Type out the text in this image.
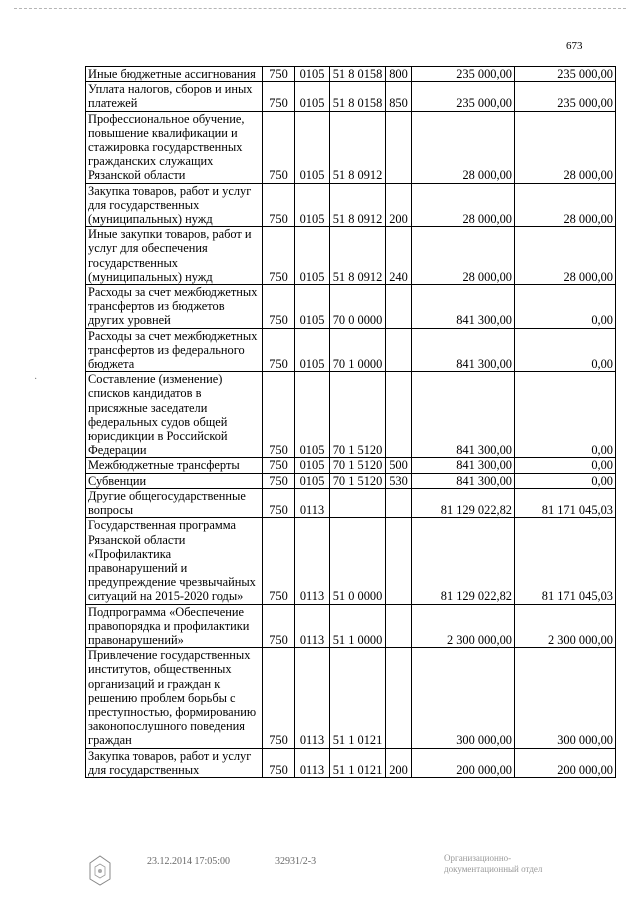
673
·
Иные бюджетные ассигнования	750	0105	51 8 0158	800	235 000,00	235 000,00
Уплата налогов, сборов и иных платежей	750	0105	51 8 0158	850	235 000,00	235 000,00
Профессиональное обучение, повышение квалификации и стажировка государственных гражданских служащих Рязанской области	750	0105	51 8 0912		28 000,00	28 000,00
Закупка товаров, работ и услуг для государственных (муниципальных) нужд	750	0105	51 8 0912	200	28 000,00	28 000,00
Иные закупки товаров, работ и услуг для обеспечения государственных (муниципальных) нужд	750	0105	51 8 0912	240	28 000,00	28 000,00
Расходы за счет межбюджетных трансфертов из бюджетов других уровней	750	0105	70 0 0000		841 300,00	0,00
Расходы за счет межбюджетных трансфертов из федерального бюджета	750	0105	70 1 0000		841 300,00	0,00
Составление (изменение) списков кандидатов в присяжные заседатели федеральных судов общей юрисдикции в Российской Федерации	750	0105	70 1 5120		841 300,00	0,00
Межбюджетные трансферты	750	0105	70 1 5120	500	841 300,00	0,00
Субвенции	750	0105	70 1 5120	530	841 300,00	0,00
Другие общегосударственные вопросы	750	0113			81 129 022,82	81 171 045,03
Государственная программа Рязанской области «Профилактика правонарушений и предупреждение чрезвычайных ситуаций на 2015-2020 годы»	750	0113	51 0 0000		81 129 022,82	81 171 045,03
Подпрограмма «Обеспечение правопорядка и профилактики правонарушений»	750	0113	51 1 0000		2 300 000,00	2 300 000,00
Привлечение государственных институтов, общественных организаций и граждан к решению проблем борьбы с преступностью, формированию законопослушного поведения граждан	750	0113	51 1 0121		300 000,00	300 000,00
Закупка товаров, работ и услуг для государственных	750	0113	51 1 0121	200	200 000,00	200 000,00
23.12.2014 17:05:00	32931/2-3	Организационно-документационный отдел
